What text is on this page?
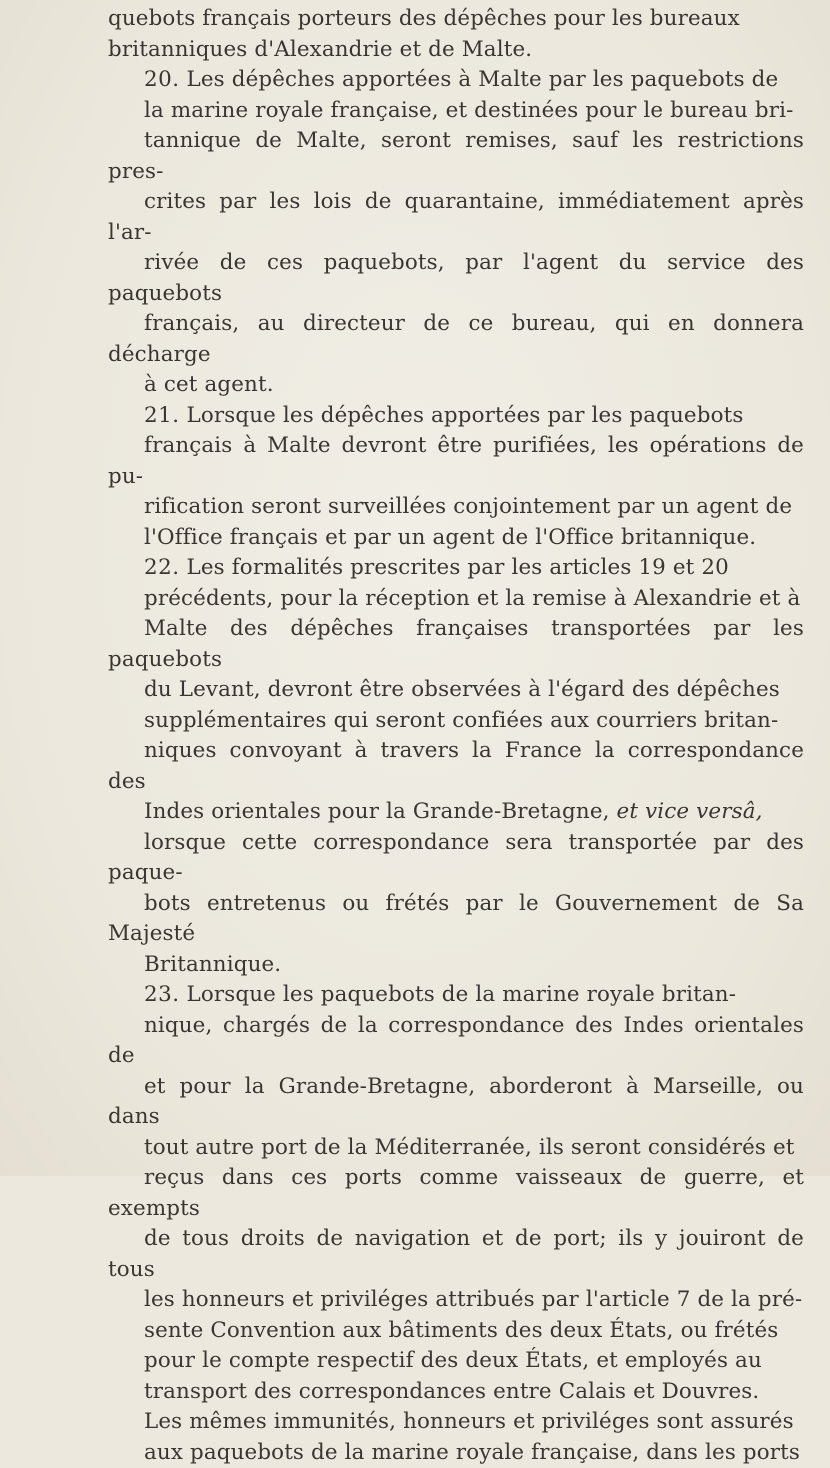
quebots français porteurs des dépêches pour les bureaux
britanniques d'Alexandrie et de Malte.

20. Les dépêches apportées à Malte par les paquebots de
la marine royale française, et destinées pour le bureau bri-
tannique de Malte, seront remises, sauf les restrictions pres-
crites par les lois de quarantaine, immédiatement après l'ar-
rivée de ces paquebots, par l'agent du service des paquebots
français, au directeur de ce bureau, qui en donnera décharge
à cet agent.

21. Lorsque les dépêches apportées par les paquebots
français à Malte devront être purifiées, les opérations de pu-
rification seront surveillées conjointement par un agent de
l'Office français et par un agent de l'Office britannique.

22. Les formalités prescrites par les articles 19 et 20
précédents, pour la réception et la remise à Alexandrie et à
Malte des dépêches françaises transportées par les paquebots
du Levant, devront être observées à l'égard des dépêches
supplémentaires qui seront confiées aux courriers britan-
niques convoyant à travers la France la correspondance des
Indes orientales pour la Grande-Bretagne, et vice versâ,
lorsque cette correspondance sera transportée par des paque-
bots entretenus ou frétés par le Gouvernement de Sa Majesté
Britannique.

23. Lorsque les paquebots de la marine royale britan-
nique, chargés de la correspondance des Indes orientales de
et pour la Grande-Bretagne, aborderont à Marseille, ou dans
tout autre port de la Méditerranée, ils seront considérés et
reçus dans ces ports comme vaisseaux de guerre, et exempts
de tous droits de navigation et de port; ils y jouiront de tous
les honneurs et priviléges attribués par l'article 7 de la pré-
sente Convention aux bâtiments des deux États, ou frétés
pour le compte respectif des deux États, et employés au
transport des correspondances entre Calais et Douvres.

Les mêmes immunités, honneurs et priviléges sont assurés
aux paquebots de la marine royale française, dans les ports
